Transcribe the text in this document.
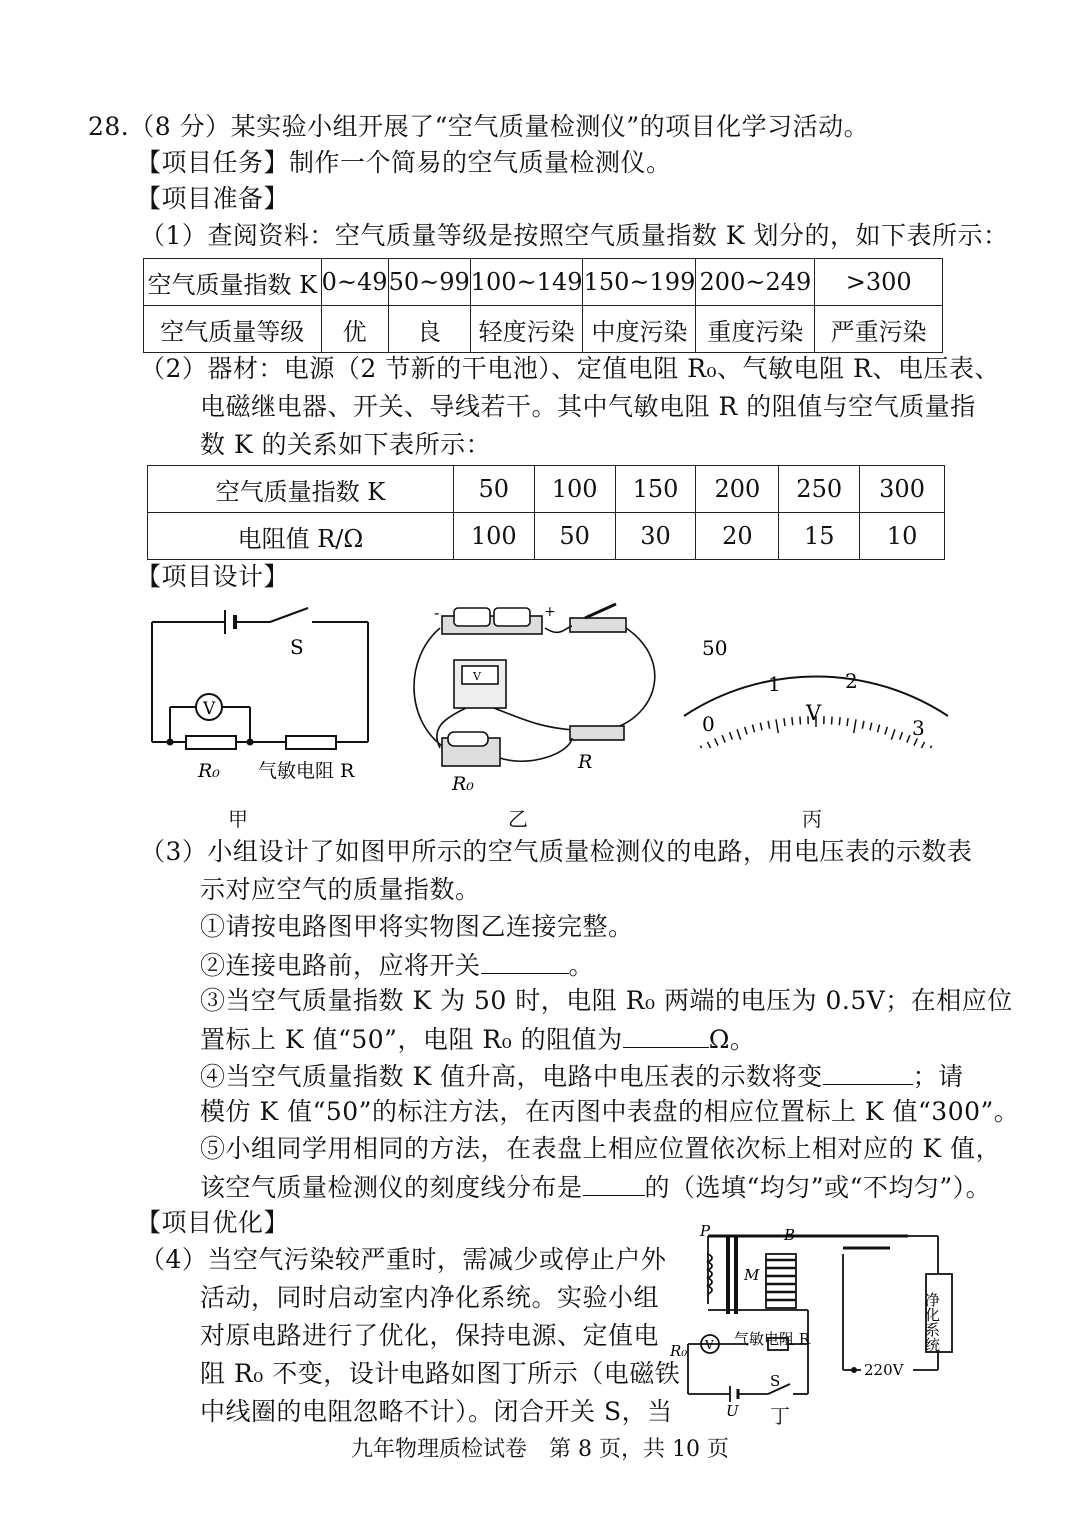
28.（8 分）某实验小组开展了“空气质量检测仪”的项目化学习活动。
【项目任务】制作一个简易的空气质量检测仪。
【项目准备】
（1）查阅资料：空气质量等级是按照空气质量指数 K 划分的，如下表所示：
空气质量指数 K	0~49	50~99	100~149	150~199	200~249	>300
空气质量等级	优	良	轻度污染	中度污染	重度污染	严重污染
（2）器材：电源（2 节新的干电池）、定值电阻 R₀、气敏电阻 R、电压表、
电磁继电器、开关、导线若干。其中气敏电阻 R 的阻值与空气质量指
数 K 的关系如下表所示：
空气质量指数 K	50	100	150	200	250	300
电阻值 R/Ω	100	50	30	20	15	10
【项目设计】
S
V
R₀ 气敏电阻 R
甲
-	+
V
R
R₀
乙
50
0
1	2
3
V
丙
（3）小组设计了如图甲所示的空气质量检测仪的电路，用电压表的示数表
示对应空气的质量指数。
①请按电路图甲将实物图乙连接完整。
②连接电路前，应将开关	。
③当空气质量指数 K 为 50 时，电阻 R₀ 两端的电压为 0.5V；在相应位
置标上 K 值“50”，电阻 R₀ 的阻值为	Ω。
④当空气质量指数 K 值升高，电路中电压表的示数将变	；请
模仿 K 值“50”的标注方法，在丙图中表盘的相应位置标上 K 值“300”。
⑤小组同学用相同的方法，在表盘上相应位置依次标上相对应的 K 值，
该空气质量检测仪的刻度线分布是 的（选填“均匀”或“不均匀”）。
【项目优化】
（4）当空气污染较严重时，需减少或停止户外
活动，同时启动室内净化系统。实验小组
对原电路进行了优化，保持电源、定值电
阻 R₀ 不变，设计电路如图丁所示（电磁铁
中线圈的电阻忽略不计）。闭合开关 S，当
P	B
M
V
R₀
气敏电阻 R
U
S
220V
净化系统
丁
九年物理质检试卷　第 8 页，共 10 页
